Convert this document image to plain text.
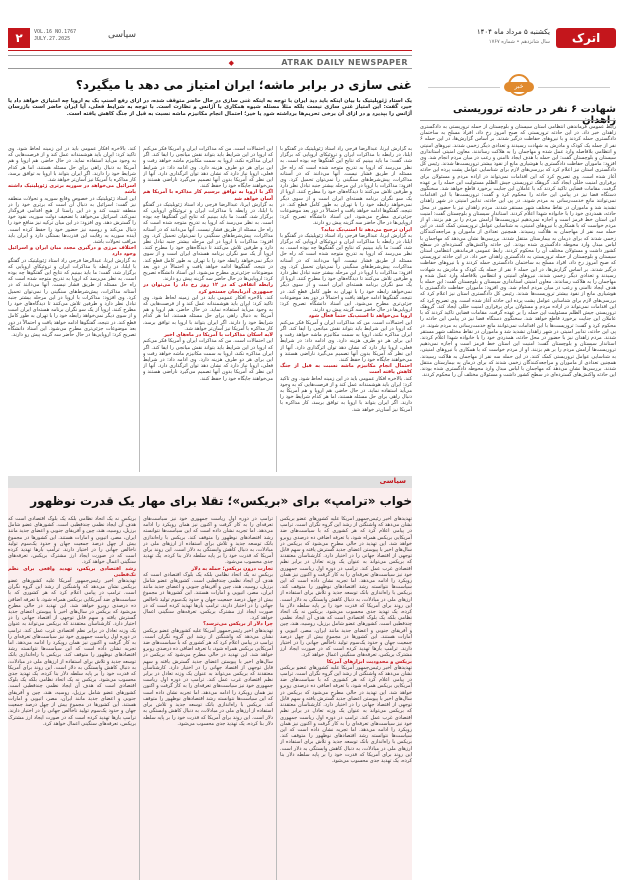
۲	VOL.16 NO.1767
JULY.27.2025	سیاسی	اترک
یکشنبه ۵ مرداد ماه ۱۴۰۴
سال شانزدهم • شماره ۱۷۶۷
◆	ATRAK DAILY NEWSPAPER
غنی سازی در برابر ماشه؛ ایران امتیاز می دهد یا میگیرد؟
یک استاد ژئوپلیتیک با بیان اینکه باید دید ایران با توجه به اینکه غنی سازی در حال حاضر متوقف شده، در ازای رفع اسنپ بک به اروپا چه امتیازی خواهد داد یا خیر، گفت: این امتیاز غنی سازی نیست بلکه مثلاً مسئله شیوه همکاری با آژانس و نظارت است. با توجه به شرایط فعلی، آیا ایران حاضر است بازرسان آژانس را بپذیرد و در ازای آن برخی تحریم‌ها برداشته شود یا خیر؛ احتمال انجام مکانیزم ماشه نسبت به قبل از جنگ کاهش یافته است.
به گزارش ایرنا، عبدالرضا فرجی راد استاد ژئوپلیتیک در گفتگو با ایلنا، در رابطه با مذاکرات ایران و تروئیکای اروپایی که برگزار شد، گفت: ما باید ببینیم که نتایج این گفتگوها چه بوده است. به نظر می‌رسد که اروپا به تدریج متوجه شده است که راه حل مسئله از طریق فشار نیست. آنها می‌دانند که در آستانه مذاکرات، پیش‌شرط‌های سنگینی را نمی‌توان تحمیل کرد. وی افزود: مذاکرات با اروپا در این مرحله بیشتر جنبه تبادل نظر دارد و طرفین تلاش می‌کنند تا دیدگاه‌های خود را مطرح کنند. اروپا از یک سو نگران برنامه هسته‌ای ایران است و از سوی دیگر نمی‌خواهد رابطه خود را با تهران به طور کامل قطع کند. در نتیجه، گفتگوها ادامه خواهد یافت و احتمالاً در دور بعد موضوعات جزئی‌تری مطرح می‌شود. این استاد دانشگاه تصریح کرد: اروپایی‌ها در حال حاضر سه گزینه پیش رو دارند.
ایران ترجیح می‌دهد تا اسنپ‌بک بیاید؟
به گزارش ایرنا، عبدالرضا فرجی راد استاد ژئوپلیتیک در گفتگو با ایلنا، در رابطه با مذاکرات ایران و تروئیکای اروپایی که برگزار شد، گفت: ما باید ببینیم که نتایج این گفتگوها چه بوده است. به نظر می‌رسد که اروپا به تدریج متوجه شده است که راه حل مسئله از طریق فشار نیست. آنها می‌دانند که در آستانه مذاکرات، پیش‌شرط‌های سنگینی را نمی‌توان تحمیل کرد. وی افزود: مذاکرات با اروپا در این مرحله بیشتر جنبه تبادل نظر دارد و طرفین تلاش می‌کنند تا دیدگاه‌های خود را مطرح کنند. اروپا از یک سو نگران برنامه هسته‌ای ایران است و از سوی دیگر نمی‌خواهد رابطه خود را با تهران به طور کامل قطع کند. در نتیجه، گفتگوها ادامه خواهد یافت و احتمالاً در دور بعد موضوعات جزئی‌تری مطرح می‌شود. این استاد دانشگاه تصریح کرد: اروپایی‌ها در حال حاضر سه گزینه پیش رو دارند.
اروپا می‌خواهد تا اسنپ‌بک حتماً فعال شود
این احتمالات است. من که مذاکرات ایران و آمریکا فکر می‌کنم که اروپا در این شرایط باید بتواند نقش میانجی را ایفا کند. اگر ایران مذاکره نکند، اروپا به سمت مکانیزم ماشه خواهد رفت و این برای هر دو طرف هزینه دارد. وی ادامه داد: در شرایط فعلی، اروپا نیاز دارد که نشان دهد توان اثرگذاری دارد. آنها از این نظر که آمریکا بدون آنها تصمیم می‌گیرد ناراضی هستند و می‌خواهند جایگاه خود را حفظ کنند.
احتمال انجام مکانیزم ماشه نسبت به قبل از جنگ کاهش یافته است
کند. بالاخره افکار عمومی باید در این زمینه لحاظ شود. وی تاکید کرد: ایران باید هوشمندانه عمل کند و از فرصت‌هایی که به وجود می‌آید استفاده نماید. در حال حاضر، هم اروپا و هم آمریکا به دنبال راهی برای حل مسئله هستند، اما هر کدام شرایط خود را دارند. اگر ایران بتواند با اروپا به توافق برسد، کار مذاکره با آمریکا نیز آسان‌تر خواهد شد.
این احتمالات است. من که مذاکرات ایران و آمریکا فکر می‌کنم که اروپا در این شرایط باید بتواند نقش میانجی را ایفا کند. اگر ایران مذاکره نکند، اروپا به سمت مکانیزم ماشه خواهد رفت و این برای هر دو طرف هزینه دارد. وی ادامه داد: در شرایط فعلی، اروپا نیاز دارد که نشان دهد توان اثرگذاری دارد. آنها از این نظر که آمریکا بدون آنها تصمیم می‌گیرد ناراضی هستند و می‌خواهند جایگاه خود را حفظ کنند.
اگر با اروپا به توافق برسیم کار مذاکره با آمریکا هم آسان خواهد شد
به گزارش ایرنا، عبدالرضا فرجی راد استاد ژئوپلیتیک در گفتگو با ایلنا، در رابطه با مذاکرات ایران و تروئیکای اروپایی که برگزار شد، گفت: ما باید ببینیم که نتایج این گفتگوها چه بوده است. به نظر می‌رسد که اروپا به تدریج متوجه شده است که راه حل مسئله از طریق فشار نیست. آنها می‌دانند که در آستانه مذاکرات، پیش‌شرط‌های سنگینی را نمی‌توان تحمیل کرد. وی افزود: مذاکرات با اروپا در این مرحله بیشتر جنبه تبادل نظر دارد و طرفین تلاش می‌کنند تا دیدگاه‌های خود را مطرح کنند. اروپا از یک سو نگران برنامه هسته‌ای ایران است و از سوی دیگر نمی‌خواهد رابطه خود را با تهران به طور کامل قطع کند. در نتیجه، گفتگوها ادامه خواهد یافت و احتمالاً در دور بعد موضوعات جزئی‌تری مطرح می‌شود. این استاد دانشگاه تصریح کرد: اروپایی‌ها در حال حاضر سه گزینه پیش رو دارند.
رابطه اتفاقی که در ۱۲ روز رخ داد را می‌توان در جمهوری آذربایجان جستجو کرد
کند. بالاخره افکار عمومی باید در این زمینه لحاظ شود. وی تاکید کرد: ایران باید هوشمندانه عمل کند و از فرصت‌هایی که به وجود می‌آید استفاده نماید. در حال حاضر، هم اروپا و هم آمریکا به دنبال راهی برای حل مسئله هستند، اما هر کدام شرایط خود را دارند. اگر ایران بتواند با اروپا به توافق برسد، کار مذاکره با آمریکا نیز آسان‌تر خواهد شد.
لایه اسکان مذاکرات با آمریکا در ماه‌های اخیر
این احتمالات است. من که مذاکرات ایران و آمریکا فکر می‌کنم که اروپا در این شرایط باید بتواند نقش میانجی را ایفا کند. اگر ایران مذاکره نکند، اروپا به سمت مکانیزم ماشه خواهد رفت و این برای هر دو طرف هزینه دارد. وی ادامه داد: در شرایط فعلی، اروپا نیاز دارد که نشان دهد توان اثرگذاری دارد. آنها از این نظر که آمریکا بدون آنها تصمیم می‌گیرد ناراضی هستند و می‌خواهند جایگاه خود را حفظ کنند.
کند. بالاخره افکار عمومی باید در این زمینه لحاظ شود. وی تاکید کرد: ایران باید هوشمندانه عمل کند و از فرصت‌هایی که به وجود می‌آید استفاده نماید. در حال حاضر، هم اروپا و هم آمریکا به دنبال راهی برای حل مسئله هستند، اما هر کدام شرایط خود را دارند. اگر ایران بتواند با اروپا به توافق برسد، کار مذاکره با آمریکا نیز آسان‌تر خواهد شد.
اسرائیل می‌خواهد در سوریه برتری ژئوپلیتیک داشته باشد
این استاد ژئوپلیتیک در خصوص وقایع سوریه و تحولات منطقه نیز گفت: اسرائیل به دنبال آن است که برتری خود را در منطقه تثبیت کند و در این راستا از هیچ اقدامی فروگذار نمی‌کند. اسرائیل می‌خواهد با تضعیف دولت سوریه، نفوذ خود را گسترش دهد. وی افزود: در این میان ترکیه نیز منافع خود را دنبال می‌کند و روسیه نیز حضور خود را حفظ کرده است. آینده سوریه به رقابت این قدرت‌ها بستگی دارد و ایران باید مراقب تحولات باشد.
اختلاف مرزی و درگیری مجدد میان ایران و اسرائیل وجود دارد
به گزارش ایرنا، عبدالرضا فرجی راد استاد ژئوپلیتیک در گفتگو با ایلنا، در رابطه با مذاکرات ایران و تروئیکای اروپایی که برگزار شد، گفت: ما باید ببینیم که نتایج این گفتگوها چه بوده است. به نظر می‌رسد که اروپا به تدریج متوجه شده است که راه حل مسئله از طریق فشار نیست. آنها می‌دانند که در آستانه مذاکرات، پیش‌شرط‌های سنگینی را نمی‌توان تحمیل کرد. وی افزود: مذاکرات با اروپا در این مرحله بیشتر جنبه تبادل نظر دارد و طرفین تلاش می‌کنند تا دیدگاه‌های خود را مطرح کنند. اروپا از یک سو نگران برنامه هسته‌ای ایران است و از سوی دیگر نمی‌خواهد رابطه خود را با تهران به طور کامل قطع کند. در نتیجه، گفتگوها ادامه خواهد یافت و احتمالاً در دور بعد موضوعات جزئی‌تری مطرح می‌شود. این استاد دانشگاه تصریح کرد: اروپایی‌ها در حال حاضر سه گزینه پیش رو دارند.
سیاسی
خواب «ترامپ» برای «بریکس»؛ تقلا برای مهار یک قدرت نوظهور
تهدیدهای اخیر رئیس‌جمهور آمریکا علیه کشورهای عضو بریکس نشان می‌دهد که واشنگتن از رشد این گروه نگران است. ترامپ در پیامی اعلام کرد که هر کشوری که با سیاست‌های ضد آمریکایی بریکس همراه شود، با تعرفه اضافی ده درصدی روبرو خواهد شد. این تهدید در حالی مطرح می‌شود که بریکس در سال‌های اخیر با پیوستن اعضای جدید گسترش یافته و سهم قابل توجهی از اقتصاد جهانی را در اختیار دارد. کارشناسان معتقدند که بریکس می‌تواند به عنوان یک وزنه تعادل در برابر نظم اقتصادی غرب عمل کند. ترامپ در دوره اول ریاست جمهوری خود نیز سیاست‌های تعرفه‌ای را به کار گرفت و اکنون نیز همان رویکرد را ادامه می‌دهد. اما تجربه نشان داده است که این سیاست‌ها نتوانسته رشد اقتصادهای نوظهور را متوقف کند. بریکس با راه‌اندازی بانک توسعه جدید و تلاش برای استفاده از ارزهای ملی در مبادلات، به دنبال کاهش وابستگی به دلار است. این روند برای آمریکا که قدرت خود را بر پایه سلطه دلار بنا کرده، یک تهدید جدی محسوب می‌شود. بریکس نه یک اتحاد نظامی بلکه یک بلوک اقتصادی است که هدف آن ایجاد نظمی چندقطبی است. کشورهای عضو شامل برزیل، روسیه، هند، چین و آفریقای جنوبی و اعضای جدید مانند ایران، مصر، اتیوپی و امارات هستند. این کشورها در مجموع بیش از چهل درصد جمعیت جهان و حدود یک‌سوم تولید ناخالص جهانی را در اختیار دارند. ترامپ بارها تهدید کرده است که در صورت ایجاد ارز مشترک بریکس، تعرفه‌های سنگینی اعمال خواهد کرد.
بریکس و محدودیت ابزارهای آمریکا
تهدیدهای اخیر رئیس‌جمهور آمریکا علیه کشورهای عضو بریکس نشان می‌دهد که واشنگتن از رشد این گروه نگران است. ترامپ در پیامی اعلام کرد که هر کشوری که با سیاست‌های ضد آمریکایی بریکس همراه شود، با تعرفه اضافی ده درصدی روبرو خواهد شد. این تهدید در حالی مطرح می‌شود که بریکس در سال‌های اخیر با پیوستن اعضای جدید گسترش یافته و سهم قابل توجهی از اقتصاد جهانی را در اختیار دارد. کارشناسان معتقدند که بریکس می‌تواند به عنوان یک وزنه تعادل در برابر نظم اقتصادی غرب عمل کند. ترامپ در دوره اول ریاست جمهوری خود نیز سیاست‌های تعرفه‌ای را به کار گرفت و اکنون نیز همان رویکرد را ادامه می‌دهد. اما تجربه نشان داده است که این سیاست‌ها نتوانسته رشد اقتصادهای نوظهور را متوقف کند. بریکس با راه‌اندازی بانک توسعه جدید و تلاش برای استفاده از ارزهای ملی در مبادلات، به دنبال کاهش وابستگی به دلار است. این روند برای آمریکا که قدرت خود را بر پایه سلطه دلار بنا کرده، یک تهدید جدی محسوب می‌شود.
ترامپ در دوره اول ریاست جمهوری خود نیز سیاست‌های تعرفه‌ای را به کار گرفت و اکنون نیز همان رویکرد را ادامه می‌دهد. اما تجربه نشان داده است که این سیاست‌ها نتوانسته رشد اقتصادهای نوظهور را متوقف کند. بریکس با راه‌اندازی بانک توسعه جدید و تلاش برای استفاده از ارزهای ملی در مبادلات، به دنبال کاهش وابستگی به دلار است. این روند برای آمریکا که قدرت خود را بر پایه سلطه دلار بنا کرده، یک تهدید جدی محسوب می‌شود.
تجارت درون بریکس؛ حمله به دلار
بریکس نه یک اتحاد نظامی بلکه یک بلوک اقتصادی است که هدف آن ایجاد نظمی چندقطبی است. کشورهای عضو شامل برزیل، روسیه، هند، چین و آفریقای جنوبی و اعضای جدید مانند ایران، مصر، اتیوپی و امارات هستند. این کشورها در مجموع بیش از چهل درصد جمعیت جهان و حدود یک‌سوم تولید ناخالص جهانی را در اختیار دارند. ترامپ بارها تهدید کرده است که در صورت ایجاد ارز مشترک بریکس، تعرفه‌های سنگینی اعمال خواهد کرد.
چرا دلار از بریکس می‌ترسد؟
تهدیدهای اخیر رئیس‌جمهور آمریکا علیه کشورهای عضو بریکس نشان می‌دهد که واشنگتن از رشد این گروه نگران است. ترامپ در پیامی اعلام کرد که هر کشوری که با سیاست‌های ضد آمریکایی بریکس همراه شود، با تعرفه اضافی ده درصدی روبرو خواهد شد. این تهدید در حالی مطرح می‌شود که بریکس در سال‌های اخیر با پیوستن اعضای جدید گسترش یافته و سهم قابل توجهی از اقتصاد جهانی را در اختیار دارد. کارشناسان معتقدند که بریکس می‌تواند به عنوان یک وزنه تعادل در برابر نظم اقتصادی غرب عمل کند. ترامپ در دوره اول ریاست جمهوری خود نیز سیاست‌های تعرفه‌ای را به کار گرفت و اکنون نیز همان رویکرد را ادامه می‌دهد. اما تجربه نشان داده است که این سیاست‌ها نتوانسته رشد اقتصادهای نوظهور را متوقف کند. بریکس با راه‌اندازی بانک توسعه جدید و تلاش برای استفاده از ارزهای ملی در مبادلات، به دنبال کاهش وابستگی به دلار است. این روند برای آمریکا که قدرت خود را بر پایه سلطه دلار بنا کرده، یک تهدید جدی محسوب می‌شود.
بریکس نه یک اتحاد نظامی بلکه یک بلوک اقتصادی است که هدف آن ایجاد نظمی چندقطبی است. کشورهای عضو شامل برزیل، روسیه، هند، چین و آفریقای جنوبی و اعضای جدید مانند ایران، مصر، اتیوپی و امارات هستند. این کشورها در مجموع بیش از چهل درصد جمعیت جهان و حدود یک‌سوم تولید ناخالص جهانی را در اختیار دارند. ترامپ بارها تهدید کرده است که در صورت ایجاد ارز مشترک بریکس، تعرفه‌های سنگینی اعمال خواهد کرد.
رشد اقتصادی بریکس، تهدید واقعی برای نظم تک‌قطبی
تهدیدهای اخیر رئیس‌جمهور آمریکا علیه کشورهای عضو بریکس نشان می‌دهد که واشنگتن از رشد این گروه نگران است. ترامپ در پیامی اعلام کرد که هر کشوری که با سیاست‌های ضد آمریکایی بریکس همراه شود، با تعرفه اضافی ده درصدی روبرو خواهد شد. این تهدید در حالی مطرح می‌شود که بریکس در سال‌های اخیر با پیوستن اعضای جدید گسترش یافته و سهم قابل توجهی از اقتصاد جهانی را در اختیار دارد. کارشناسان معتقدند که بریکس می‌تواند به عنوان یک وزنه تعادل در برابر نظم اقتصادی غرب عمل کند. ترامپ در دوره اول ریاست جمهوری خود نیز سیاست‌های تعرفه‌ای را به کار گرفت و اکنون نیز همان رویکرد را ادامه می‌دهد. اما تجربه نشان داده است که این سیاست‌ها نتوانسته رشد اقتصادهای نوظهور را متوقف کند. بریکس با راه‌اندازی بانک توسعه جدید و تلاش برای استفاده از ارزهای ملی در مبادلات، به دنبال کاهش وابستگی به دلار است. این روند برای آمریکا که قدرت خود را بر پایه سلطه دلار بنا کرده، یک تهدید جدی محسوب می‌شود. بریکس نه یک اتحاد نظامی بلکه یک بلوک اقتصادی است که هدف آن ایجاد نظمی چندقطبی است. کشورهای عضو شامل برزیل، روسیه، هند، چین و آفریقای جنوبی و اعضای جدید مانند ایران، مصر، اتیوپی و امارات هستند. این کشورها در مجموع بیش از چهل درصد جمعیت جهان و حدود یک‌سوم تولید ناخالص جهانی را در اختیار دارند. ترامپ بارها تهدید کرده است که در صورت ایجاد ارز مشترک بریکس، تعرفه‌های سنگینی اعمال خواهد کرد.
خبر
شهادت ۶ نفر در حادثه تروریستی
رابط عمومی فرماندهی انتظامی استان سیستان و بلوچستان از حمله تروریستی به دادگستری زاهدان خبر داد. در این حادثه تروریستی که صبح امروز رخ داد، افراد مسلح به ساختمان دادگستری حمله کردند و با نیروهای حفاظت درگیر شدند. بر اساس گزارش‌ها، در این حمله ۶ نفر از جمله یک کودک و مادرش به شهادت رسیدند و تعدادی دیگر زخمی شدند. نیروهای امنیتی و انتظامی بلافاصله وارد عمل شده و مهاجمان را به هلاکت رساندند. معاون امنیتی استانداری سیستان و بلوچستان گفت: این حمله با هدف ایجاد ناامنی و رعب در میان مردم انجام شد. وی افزود: ماموران حفاظت دادگستری با هوشیاری مانع از نفوذ بیشتر تروریست‌ها شدند. رئیس کل دادگستری استان نیز اعلام کرد که بررسی‌های لازم برای شناسایی عوامل پشت پرده این حادثه آغاز شده است. وی تصریح کرد که این اقدامات نمی‌تواند در اراده مردم و مسئولان برای برقراری امنیت خللی ایجاد کند. گروهک تروریستی جیش الظلم مسئولیت این حمله را بر عهده گرفت. مقامات قضایی تاکید کردند که با عاملان این جنایت برخورد قاطع خواهد شد. سخنگوی دستگاه قضا نیز در پیامی این حادثه را محکوم کرد و گفت: تروریست‌ها با این اقدامات نمی‌توانند مانع خدمت‌رسانی به مردم شوند. در پی این حادثه، تدابیر امنیتی در شهر زاهدان تشدید شد و ماموران در نقاط مختلف شهر مستقر شدند. مردم زاهدان نیز با حضور در محل حادثه، همدردی خود را با خانواده شهدا اعلام کردند. استاندار سیستان و بلوچستان گفت: امنیت این استان خط قرمز است و اجازه نمی‌دهیم تروریست‌ها آرامش مردم را بر هم بزنند. او از مردم خواست که با همکاری با نیروهای امنیتی، به شناسایی عوامل تروریستی کمک کنند. در این حمله سه نفر از مهاجمان به هلاکت رسیدند. همچنین تعدادی از ماموران و مراجعه‌کنندگان زخمی شدند که برای درمان به بیمارستان منتقل شدند. بررسی‌ها نشان می‌دهد که مهاجمان با لباس مبدل وارد محوطه دادگستری شده بودند. این حادثه واکنش‌های گسترده‌ای در سطح کشور داشت و مسئولان مختلف آن را محکوم کردند. رابط عمومی فرماندهی انتظامی استان سیستان و بلوچستان از حمله تروریستی به دادگستری زاهدان خبر داد. در این حادثه تروریستی که صبح امروز رخ داد، افراد مسلح به ساختمان دادگستری حمله کردند و با نیروهای حفاظت درگیر شدند. بر اساس گزارش‌ها، در این حمله ۶ نفر از جمله یک کودک و مادرش به شهادت رسیدند و تعدادی دیگر زخمی شدند. نیروهای امنیتی و انتظامی بلافاصله وارد عمل شده و مهاجمان را به هلاکت رساندند. معاون امنیتی استانداری سیستان و بلوچستان گفت: این حمله با هدف ایجاد ناامنی و رعب در میان مردم انجام شد. وی افزود: ماموران حفاظت دادگستری با هوشیاری مانع از نفوذ بیشتر تروریست‌ها شدند. رئیس کل دادگستری استان نیز اعلام کرد که بررسی‌های لازم برای شناسایی عوامل پشت پرده این حادثه آغاز شده است. وی تصریح کرد که این اقدامات نمی‌تواند در اراده مردم و مسئولان برای برقراری امنیت خللی ایجاد کند. گروهک تروریستی جیش الظلم مسئولیت این حمله را بر عهده گرفت. مقامات قضایی تاکید کردند که با عاملان این جنایت برخورد قاطع خواهد شد. سخنگوی دستگاه قضا نیز در پیامی این حادثه را محکوم کرد و گفت: تروریست‌ها با این اقدامات نمی‌توانند مانع خدمت‌رسانی به مردم شوند. در پی این حادثه، تدابیر امنیتی در شهر زاهدان تشدید شد و ماموران در نقاط مختلف شهر مستقر شدند. مردم زاهدان نیز با حضور در محل حادثه، همدردی خود را با خانواده شهدا اعلام کردند. استاندار سیستان و بلوچستان گفت: امنیت این استان خط قرمز است و اجازه نمی‌دهیم تروریست‌ها آرامش مردم را بر هم بزنند. او از مردم خواست که با همکاری با نیروهای امنیتی، به شناسایی عوامل تروریستی کمک کنند. در این حمله سه نفر از مهاجمان به هلاکت رسیدند. همچنین تعدادی از ماموران و مراجعه‌کنندگان زخمی شدند که برای درمان به بیمارستان منتقل شدند. بررسی‌ها نشان می‌دهد که مهاجمان با لباس مبدل وارد محوطه دادگستری شده بودند. این حادثه واکنش‌های گسترده‌ای در سطح کشور داشت و مسئولان مختلف آن را محکوم کردند.
